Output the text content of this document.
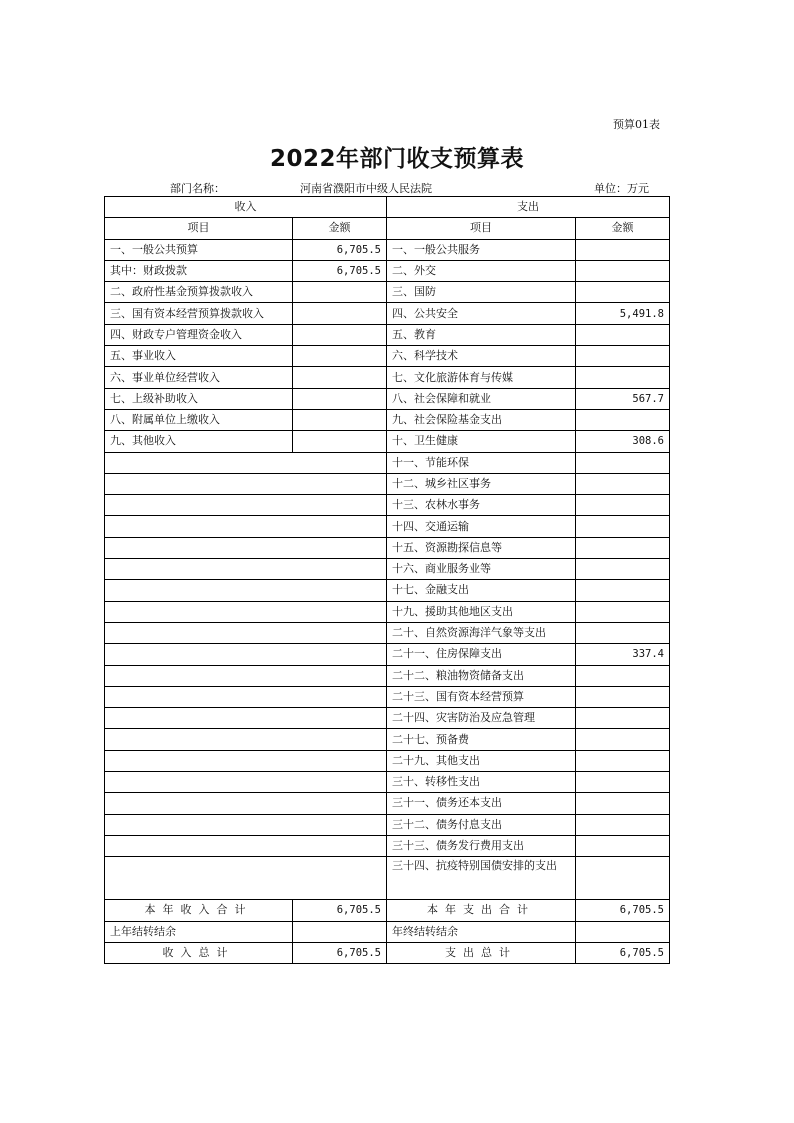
预算01表
2022年部门收支预算表
部门名称：	河南省濮阳市中级人民法院	单位：万元
收入		支出	
项目	金额	项目	金额
一、一般公共预算	6,705.5	一、一般公共服务	
其中：财政拨款	6,705.5	二、外交	
二、政府性基金预算拨款收入		三、国防	
三、国有资本经营预算拨款收入		四、公共安全	5,491.8
四、财政专户管理资金收入		五、教育	
五、事业收入		六、科学技术	
六、事业单位经营收入		七、文化旅游体育与传媒	
七、上级补助收入		八、社会保障和就业	567.7
八、附属单位上缴收入		九、社会保险基金支出	
九、其他收入		十、卫生健康	308.6
		十一、节能环保	
		十二、城乡社区事务	
		十三、农林水事务	
		十四、交通运输	
		十五、资源勘探信息等	
		十六、商业服务业等	
		十七、金融支出	
		十九、援助其他地区支出	
		二十、自然资源海洋气象等支出	
		二十一、住房保障支出	337.4
		二十二、粮油物资储备支出	
		二十三、国有资本经营预算	
		二十四、灾害防治及应急管理	
		二十七、预备费	
		二十九、其他支出	
		三十、转移性支出	
		三十一、债务还本支出	
		三十二、债务付息支出	
		三十三、债务发行费用支出	
		三十四、抗疫特别国债安排的支出	
本年收入合计	6,705.5	本年支出合计	6,705.5
上年结转结余		年终结转结余	
收入总计	6,705.5	支出总计	6,705.5
